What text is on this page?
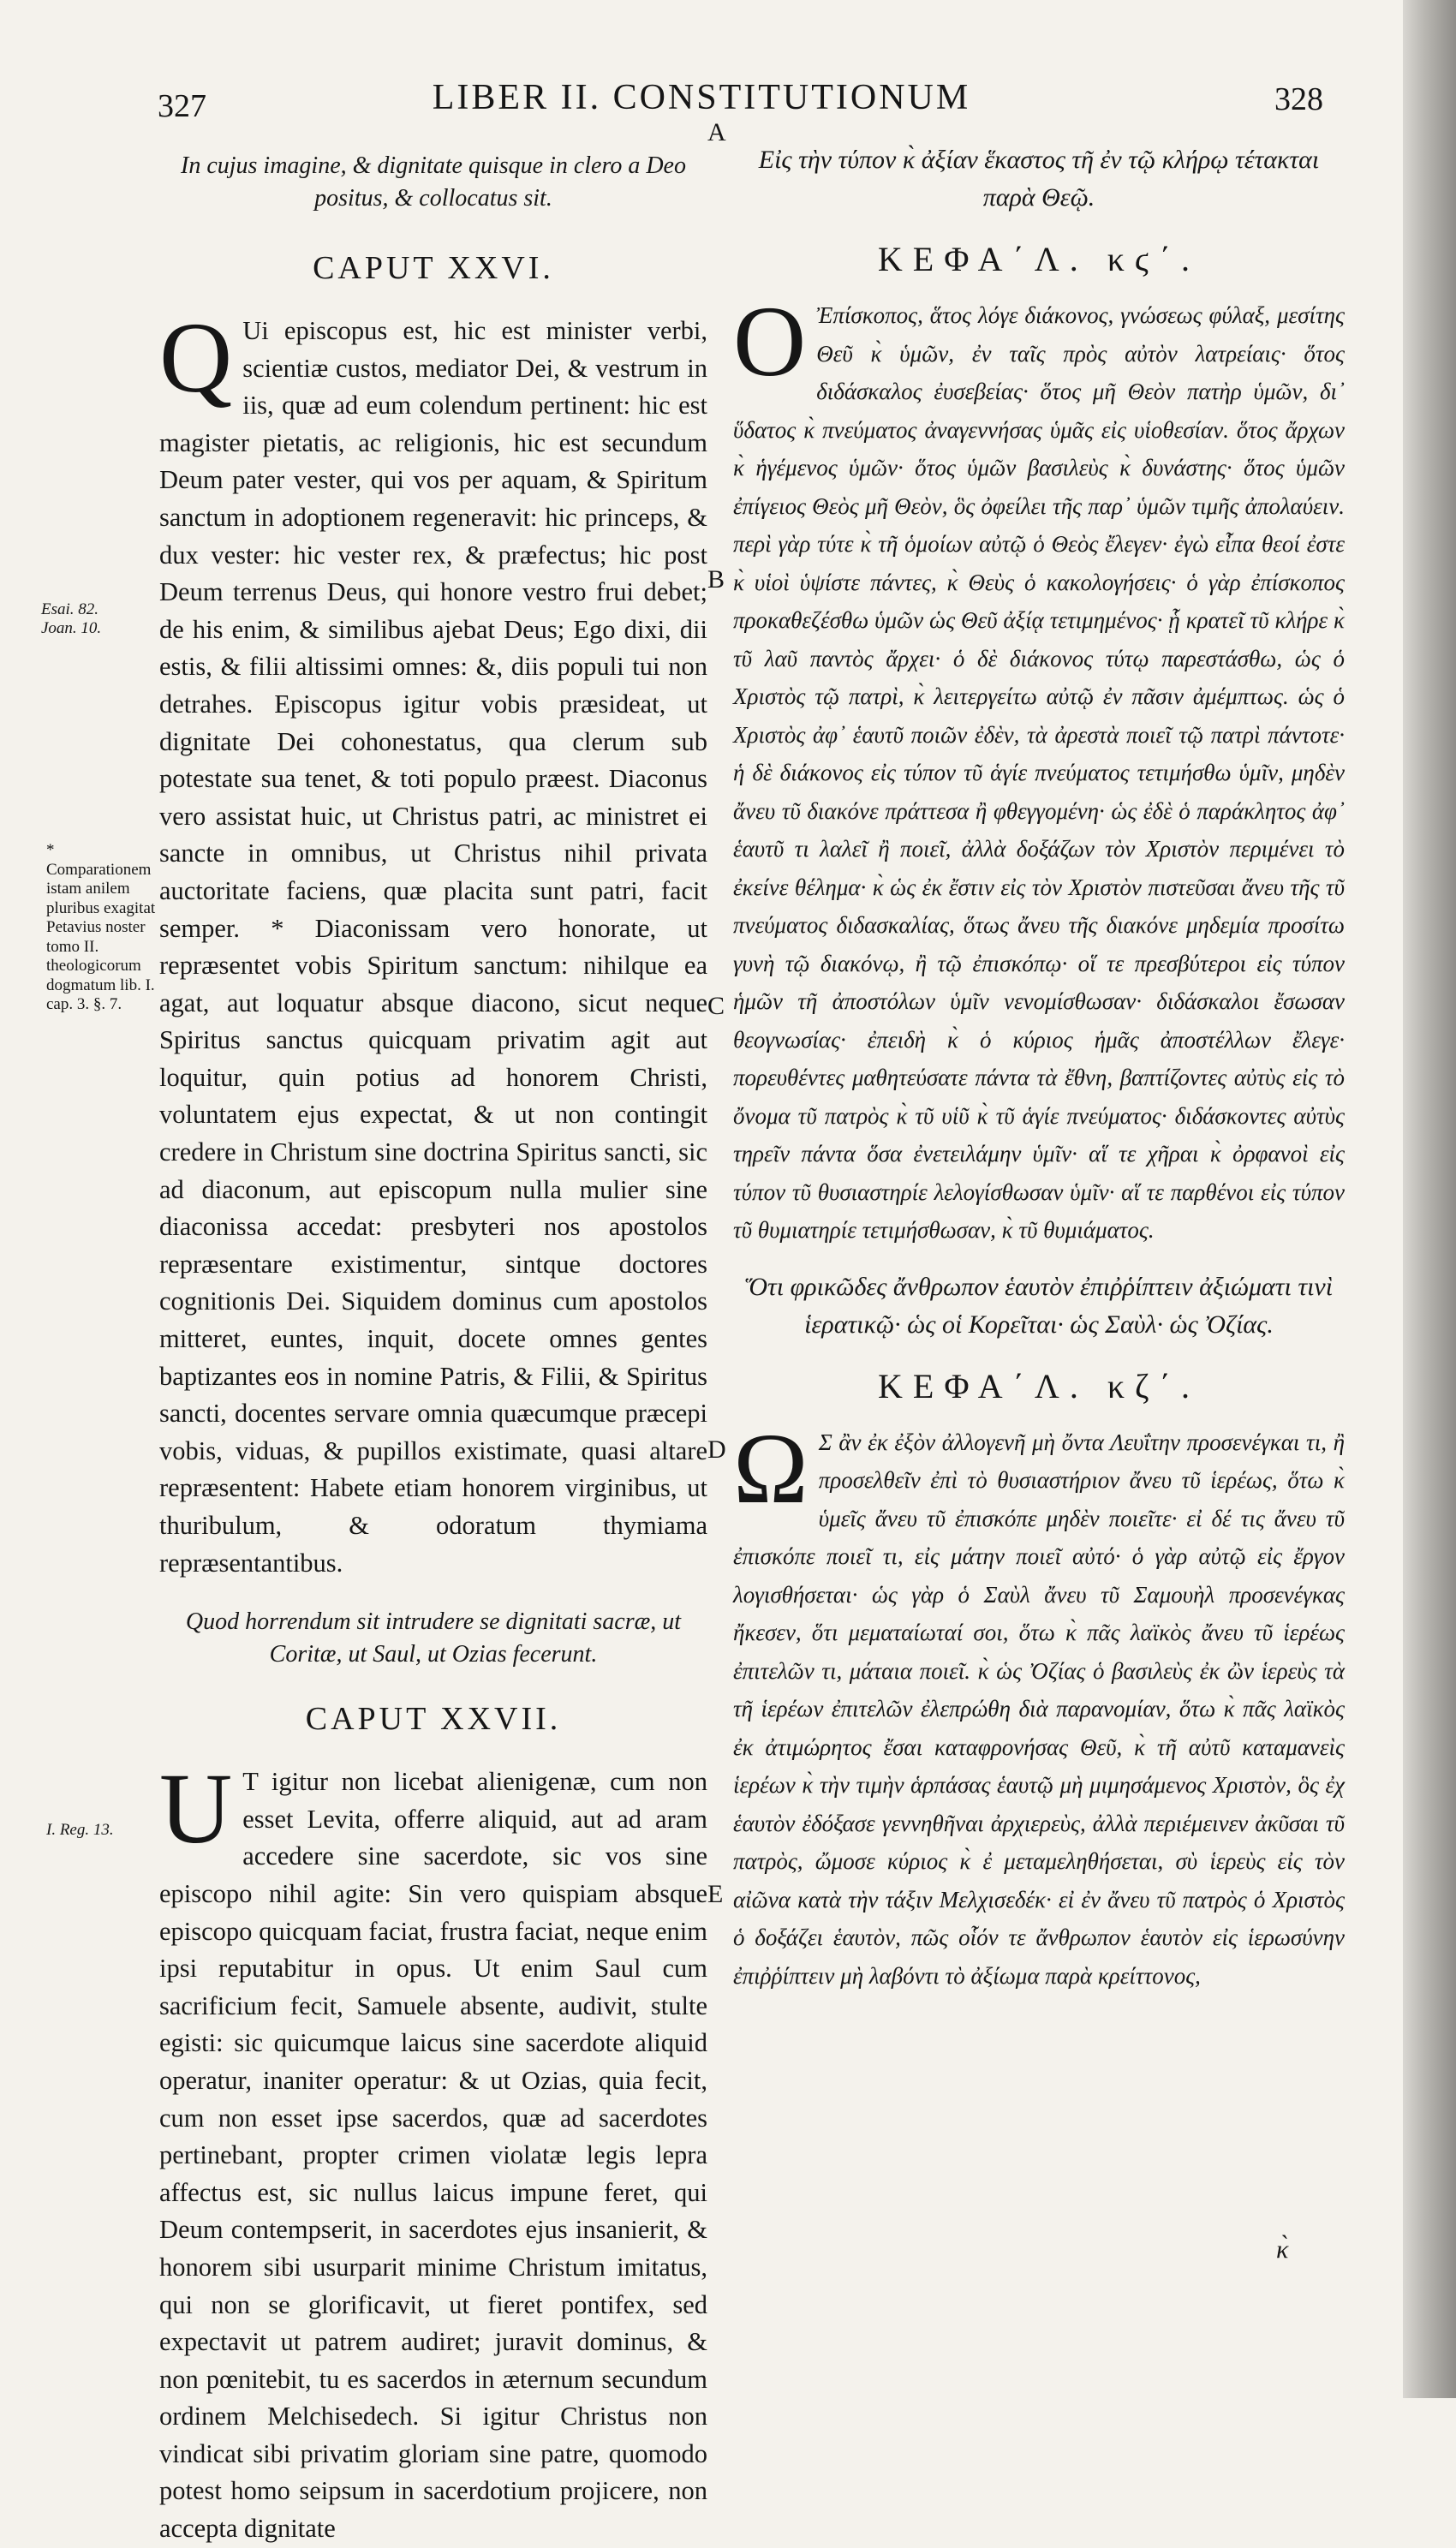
327	LIBER II. CONSTITUTIONUM	328
A

In cujus imagine, & dignitate quisque in clero a Deo positus, & collocatus sit.

CAPUT XXVI.

Q Ui episcopus est, hic est minister verbi, scientiæ custos, mediator Dei, & vestrum in iis, quæ ad eum colendum pertinent: hic est magister pietatis, ac religionis, hic est secundum Deum pater vester, qui vos per aquam, & Spiritum sanctum in adoptionem regeneravit: hic princeps, & dux vester: hic vester rex, & præfectus; hic post Deum terrenus Deus, qui honore vestro frui debet; de his enim, & similibus ajebat Deus; Ego dixi, dii estis, & filii altissimi omnes: &, diis populi tui non detrahes. Episcopus igitur vobis præsideat, ut dignitate Dei cohonestatus, qua clerum sub potestate sua tenet, & toti populo præest. Diaconus vero assistat huic, ut Christus patri, ac ministret ei sancte in omnibus, ut Christus nihil privata auctoritate faciens, quæ placita sunt patri, facit semper. * Diaconissam vero honorate, ut repræsentet vobis Spiritum sanctum: nihilque ea agat, aut loquatur absque diacono, sicut neque Spiritus sanctus quicquam privatim agit aut loquitur, quin potius ad honorem Christi, voluntatem ejus expectat, & ut non contingit credere in Christum sine doctrina Spiritus sancti, sic ad diaconum, aut episcopum nulla mulier sine diaconissa accedat: presbyteri nos apostolos repræsentare existimentur, sintque doctores cognitionis Dei. Siquidem dominus cum apostolos mitteret, euntes, inquit, docete omnes gentes baptizantes eos in nomine Patris, & Filii, & Spiritus sancti, docentes servare omnia quæcumque præcepi vobis, viduas, & pupillos existimate, quasi altare repræsentent: Habete etiam honorem virginibus, ut thuribulum, & odoratum thymiama repræsentantibus.

Quod horrendum sit intrudere se dignitati sacræ, ut Coritæ, ut Saul, ut Ozias fecerunt.

CAPUT XXVII.

U T igitur non licebat alienigenæ, cum non esset Levita, offerre aliquid, aut ad aram accedere sine sacerdote, sic vos sine episcopo nihil agite: Sin vero quispiam absque episcopo quicquam faciat, frustra faciat, neque enim ipsi reputabitur in opus. Ut enim Saul cum sacrificium fecit, Samuele absente, audivit, stulte egisti: sic quicumque laicus sine sacerdote aliquid operatur, inaniter operatur: & ut Ozias, quia fecit, cum non esset ipse sacerdos, quæ ad sacerdotes pertinebant, propter crimen violatæ legis lepra affectus est, sic nullus laicus impune feret, qui Deum contempserit, in sacerdotes ejus insanierit, & honorem sibi usurparit minime Christum imitatus, qui non se glorificavit, ut fieret pontifex, sed expectavit ut patrem audiret; juravit dominus, & non pœnitebit, tu es sacerdos in æternum secundum ordinem Melchisedech. Si igitur Christus non vindicat sibi privatim gloriam sine patre, quomodo potest homo seipsum in sacerdotium projicere, non accepta dignitate

Εἰς τὴν τύπον κ̀ ἀξίαν ἕκαστος τῆ ἐν τῷ κλήρῳ τέτακται παρὰ Θεῷ.

ΚΕΦΑ΄Λ. κϛ΄.

Ο Ἐπίσκοπος, ἅτος λόγε διάκονος, γνώσεως φύλαξ, μεσίτης Θεῦ κ̀ ὑμῶν, ἐν ταῖς πρὸς αὐτὸν λατρείαις· ὅτος διδάσκαλος ἐυσεβείας· ὅτος μῆ Θεὸν πατὴρ ὑμῶν, δι᾽ ὕδατος κ̀ πνεύματος ἀναγεννήσας ὑμᾶς εἰς υἱοθεσίαν. ὅτος ἄρχων κ̀ ἡγέμενος ὑμῶν· ὅτος ὑμῶν βασιλεὺς κ̀ δυνάστης· ὅτος ὑμῶν ἐπίγειος Θεὸς μῆ Θεὸν, ὃς ὀφείλει τῆς παρ᾽ ὑμῶν τιμῆς ἀπολαύειν. περὶ γὰρ τύτε κ̀ τῆ ὁμοίων αὐτῷ ὁ Θεὸς ἔλεγεν· ἐγὼ εἶπα θεοί ἐστε κ̀ υἱοὶ ὑψίστε πάντες, κ̀ Θεὺς ὁ κακολογήσεις· ὁ γὰρ ἐπίσκοπος προκαθεζέσθω ὑμῶν ὡς Θεῦ ἀξίᾳ τετιμημένος· ᾗ κρατεῖ τῦ κλήρε κ̀ τῦ λαῦ παντὸς ἄρχει· ὁ δὲ διάκονος τύτῳ παρεστάσθω, ὡς ὁ Χριστὸς τῷ πατρὶ, κ̀ λειτεργείτω αὐτῷ ἐν πᾶσιν ἀμέμπτως. ὡς ὁ Χριστὸς ἀφ᾽ ἑαυτῦ ποιῶν ἐδὲν, τὰ ἀρεστὰ ποιεῖ τῷ πατρὶ πάντοτε· ἡ δὲ διάκονος εἰς τύπον τῦ ἁγίε πνεύματος τετιμήσθω ὑμῖν, μηδὲν ἄνευ τῦ διακόνε πράττεσα ἢ φθεγγομένη· ὡς ἐδὲ ὁ παράκλητος ἀφ᾽ ἑαυτῦ τι λαλεῖ ἢ ποιεῖ, ἀλλὰ δοξάζων τὸν Χριστὸν περιμένει τὸ ἐκείνε θέλημα· κ̀ ὡς ἐκ ἔστιν εἰς τὸν Χριστὸν πιστεῦσαι ἄνευ τῆς τῦ πνεύματος διδασκαλίας, ὅτως ἄνευ τῆς διακόνε μηδεμία προσίτω γυνὴ τῷ διακόνῳ, ἢ τῷ ἐπισκόπῳ· οἵ τε πρεσβύτεροι εἰς τύπον ἡμῶν τῆ ἀποστόλων ὑμῖν νενομίσθωσαν· διδάσκαλοι ἔσωσαν θεογνωσίας· ἐπειδὴ κ̀ ὁ κύριος ἡμᾶς ἀποστέλλων ἔλεγε· πορευθέντες μαθητεύσατε πάντα τὰ ἔθνη, βαπτίζοντες αὐτὺς εἰς τὸ ὄνομα τῦ πατρὸς κ̀ τῦ υἱῦ κ̀ τῦ ἁγίε πνεύματος· διδάσκοντες αὐτὺς τηρεῖν πάντα ὅσα ἐνετειλάμην ὑμῖν· αἵ τε χῆραι κ̀ ὀρφανοὶ εἰς τύπον τῦ θυσιαστηρίε λελογίσθωσαν ὑμῖν· αἵ τε παρθένοι εἰς τύπον τῦ θυμιατηρίε τετιμήσθωσαν, κ̀ τῦ θυμιάματος.

Ὅτι φρικῶδες ἄνθρωπον ἑαυτὸν ἐπιῤῥίπτειν ἀξιώματι τινὶ ἱερατικῷ· ὡς οἱ Κορεῖται· ὡς Σαὺλ· ὡς Ὀζίας.

ΚΕΦΑ΄Λ. κζ΄.

Ω Σ ἂν ἐκ ἐξὸν ἀλλογενῆ μὴ ὄντα Λευΐτην προσενέγκαι τι, ἢ προσελθεῖν ἐπὶ τὸ θυσιαστήριον ἄνευ τῦ ἱερέως, ὅτω κ̀ ὑμεῖς ἄνευ τῦ ἐπισκόπε μηδὲν ποιεῖτε· εἰ δέ τις ἄνευ τῦ ἐπισκόπε ποιεῖ τι, εἰς μάτην ποιεῖ αὐτό· ὁ γὰρ αὐτῷ εἰς ἔργον λογισθήσεται· ὡς γὰρ ὁ Σαὺλ ἄνευ τῦ Σαμουὴλ προσενέγκας ἤκεσεν, ὅτι μεματαίωταί σοι, ὅτω κ̀ πᾶς λαϊκὸς ἄνευ τῦ ἱερέως ἐπιτελῶν τι, μάταια ποιεῖ. κ̀ ὡς Ὀζίας ὁ βασιλεὺς ἐκ ὢν ἱερεὺς τὰ τῆ ἱερέων ἐπιτελῶν ἐλεπρώθη διὰ παρανομίαν, ὅτω κ̀ πᾶς λαϊκὸς ἐκ ἀτιμώρητος ἔσαι καταφρονήσας Θεῦ, κ̀ τῆ αὐτῦ καταμανεὶς ἱερέων κ̀ τὴν τιμὴν ἁρπάσας ἑαυτῷ μὴ μιμησάμενος Χριστὸν, ὃς ἐχ ἑαυτὸν ἐδόξασε γεννηθῆναι ἀρχιερεὺς, ἀλλὰ περιέμεινεν ἀκῦσαι τῦ πατρὸς, ὤμοσε κύριος κ̀ ἐ μεταμεληθήσεται, σὺ ἱερεὺς εἰς τὸν αἰῶνα κατὰ τὴν τάξιν Μελχισεδέκ· εἰ ἐν ἄνευ τῦ πατρὸς ὁ Χριστὸς ὁ δοξάζει ἑαυτὸν, πῶς οἷόν τε ἄνθρωπον ἑαυτὸν εἰς ἱερωσύνην ἐπιῤῥίπτειν μὴ λαβόντι τὸ ἀξίωμα παρὰ κρείττονος,

Esai. 82.
Joan. 10.
* Comparationem istam anilem pluribus exagitat Petavius noster tomo II. theologicorum dogmatum lib. I. cap. 3. §. 7.
I. Reg. 13.
B
C
D
E
κ̀
